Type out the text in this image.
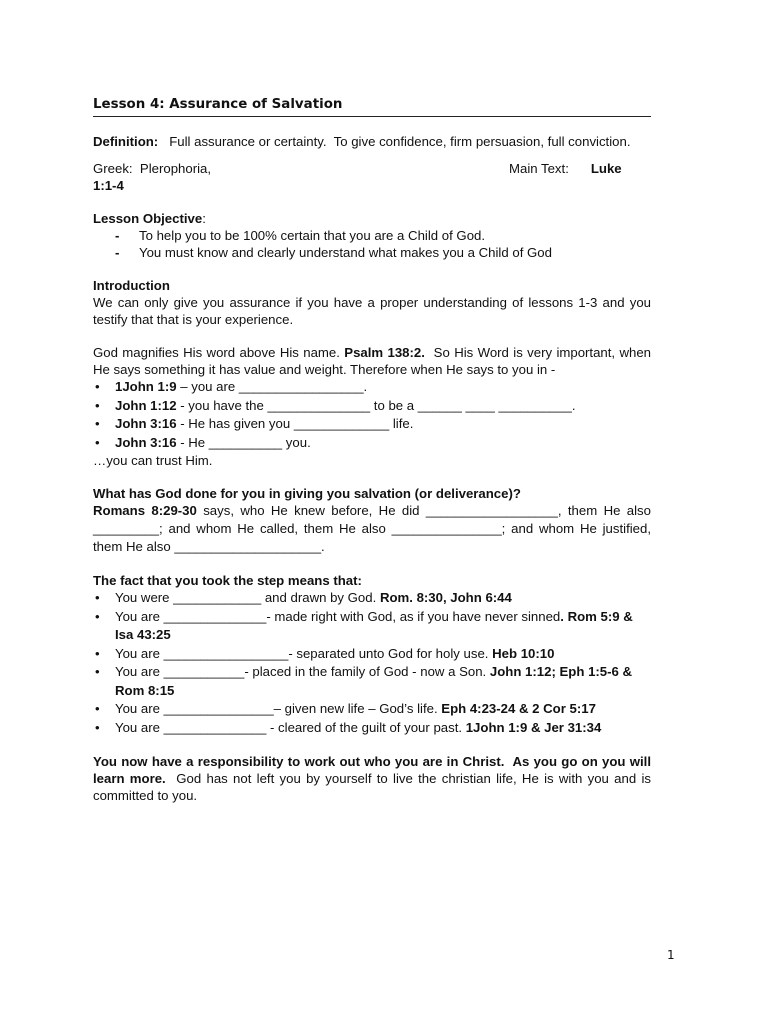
Lesson 4: Assurance of Salvation

Definition:   Full assurance or certainty.  To give confidence, firm persuasion, full conviction.

Greek:  Plerophoria,	Main Text:      Luke

1:1-4

Lesson Objective:

- To help you to be 100% certain that you are a Child of God.
- You must know and clearly understand what makes you a Child of God

Introduction

We can only give you assurance if you have a proper understanding of lessons 1-3 and you testify that that is your experience.

God magnifies His word above His name. Psalm 138:2.  So His Word is very important, when He says something it has value and weight. Therefore when He says to you in -

• 1John 1:9 – you are _________________.
• John 1:12 - you have the ______________ to be a ______ ____ __________.
• John 3:16 - He has given you _____________ life.
• John 3:16 - He __________ you.

…you can trust Him.

What has God done for you in giving you salvation (or deliverance)?

Romans 8:29-30 says, who He knew before, He did __________________, them He also _________; and whom He called, them He also _______________; and whom He justified, them He also ____________________.

The fact that you took the step means that:

• You were ____________ and drawn by God. Rom. 8:30, John 6:44
• You are ______________- made right with God, as if you have never sinned. Rom 5:9 & Isa 43:25
• You are _________________- separated unto God for holy use. Heb 10:10
• You are ___________- placed in the family of God - now a Son. John 1:12; Eph 1:5-6 & Rom 8:15
• You are _______________– given new life – God’s life. Eph 4:23-24 & 2 Cor 5:17
• You are ______________ - cleared of the guilt of your past. 1John 1:9 & Jer 31:34

You now have a responsibility to work out who you are in Christ.  As you go on you will learn more.  God has not left you by yourself to live the christian life, He is with you and is committed to you.

1
